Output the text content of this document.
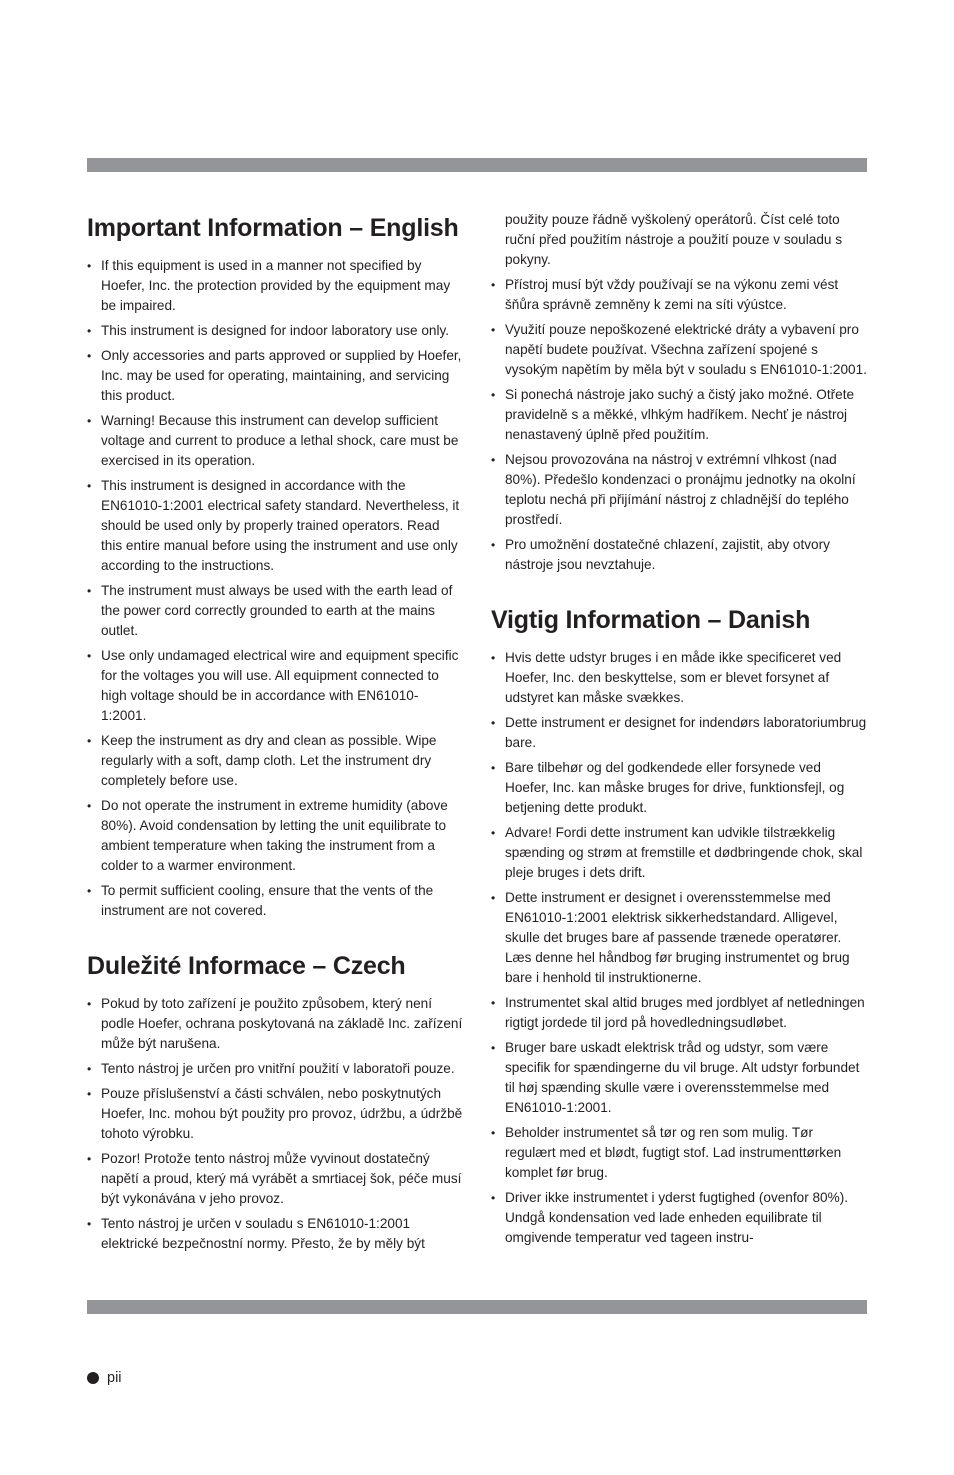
Important Information – English
• If this equipment is used in a manner not specified by Hoefer, Inc. the protection provided by the equipment may be impaired.
• This instrument is designed for indoor laboratory use only.
• Only accessories and parts approved or supplied by Hoefer, Inc. may be used for operating, maintaining, and servicing this product.
• Warning! Because this instrument can develop sufficient voltage and current to produce a lethal shock, care must be exercised in its operation.
• This instrument is designed in accordance with the EN61010-1:2001 electrical safety standard. Nevertheless, it should be used only by properly trained operators. Read this entire manual before using the instrument and use only according to the instructions.
• The instrument must always be used with the earth lead of the power cord correctly grounded to earth at the mains outlet.
• Use only undamaged electrical wire and equipment specific for the voltages you will use. All equipment connected to high voltage should be in accordance with EN61010-1:2001.
• Keep the instrument as dry and clean as possible. Wipe regularly with a soft, damp cloth. Let the instrument dry completely before use.
• Do not operate the instrument in extreme humidity (above 80%). Avoid condensation by letting the unit equilibrate to ambient temperature when taking the instrument from a colder to a warmer environment.
• To permit sufficient cooling, ensure that the vents of the instrument are not covered.
Duležité Informace – Czech
• Pokud by toto zařízení je použito způsobem, který není podle Hoefer, ochrana poskytovaná na základě Inc. zařízení může být narušena.
• Tento nástroj je určen pro vnitřní použití v laboratoři pouze.
• Pouze příslušenství a části schválen, nebo poskytnutých Hoefer, Inc. mohou být použity pro provoz, údržbu, a údržbě tohoto výrobku.
• Pozor! Protože tento nástroj může vyvinout dostatečný napětí a proud, který má vyrábět a smrtiacej šok, péče musí být vykonávána v jeho provoz.
• Tento nástroj je určen v souladu s EN61010-1:2001 elektrické bezpečnostní normy. Přesto, že by měly být
použity pouze řádně vyškolený operátorů. Číst celé toto ruční před použitím nástroje a použití pouze v souladu s pokyny.
• Přístroj musí být vždy používají se na výkonu zemi vést šňůra správně zemněny k zemi na síti výústce.
• Využití pouze nepoškozené elektrické dráty a vybavení pro napětí budete používat. Všechna zařízení spojené s vysokým napětím by měla být v souladu s EN61010-1:2001.
• Si ponechá nástroje jako suchý a čistý jako možné. Otřete pravidelně s a měkké, vlhkým hadříkem. Nechť je nástroj nenastavený úplně před použitím.
• Nejsou provozována na nástroj v extrémní vlhkost (nad 80%). Předešlo kondenzaci o pronájmu jednotky na okolní teplotu nechá při přijímání nástroj z chladnější do teplého prostředí.
• Pro umožnění dostatečné chlazení, zajistit, aby otvory nástroje jsou nevztahuje.
Vigtig Information – Danish
• Hvis dette udstyr bruges i en måde ikke specificeret ved Hoefer, Inc. den beskyttelse, som er blevet forsynet af udstyret kan måske svækkes.
• Dette instrument er designet for indendørs laboratoriumbrug bare.
• Bare tilbehør og del godkendede eller forsynede ved Hoefer, Inc. kan måske bruges for drive, funktionsfejl, og betjening dette produkt.
• Advare! Fordi dette instrument kan udvikle tilstrækkelig spænding og strøm at fremstille et dødbringende chok, skal pleje bruges i dets drift.
• Dette instrument er designet i overensstemmelse med EN61010-1:2001 elektrisk sikkerhedstandard. Alligevel, skulle det bruges bare af passende trænede operatører. Læs denne hel håndbog før bruging instrumentet og brug bare i henhold til instruktionerne.
• Instrumentet skal altid bruges med jordblyet af netledningen rigtigt jordede til jord på hovedledningsudløbet.
• Bruger bare uskadt elektrisk tråd og udstyr, som være specifik for spændingerne du vil bruge. Alt udstyr forbundet til høj spænding skulle være i overensstemmelse med EN61010-1:2001.
• Beholder instrumentet så tør og ren som mulig. Tør regulært med et blødt, fugtigt stof. Lad instrumenttørken komplet før brug.
• Driver ikke instrumentet i yderst fugtighed (ovenfor 80%). Undgå kondensation ved lade enheden equilibrate til omgivende temperatur ved tageen instru-
pii
